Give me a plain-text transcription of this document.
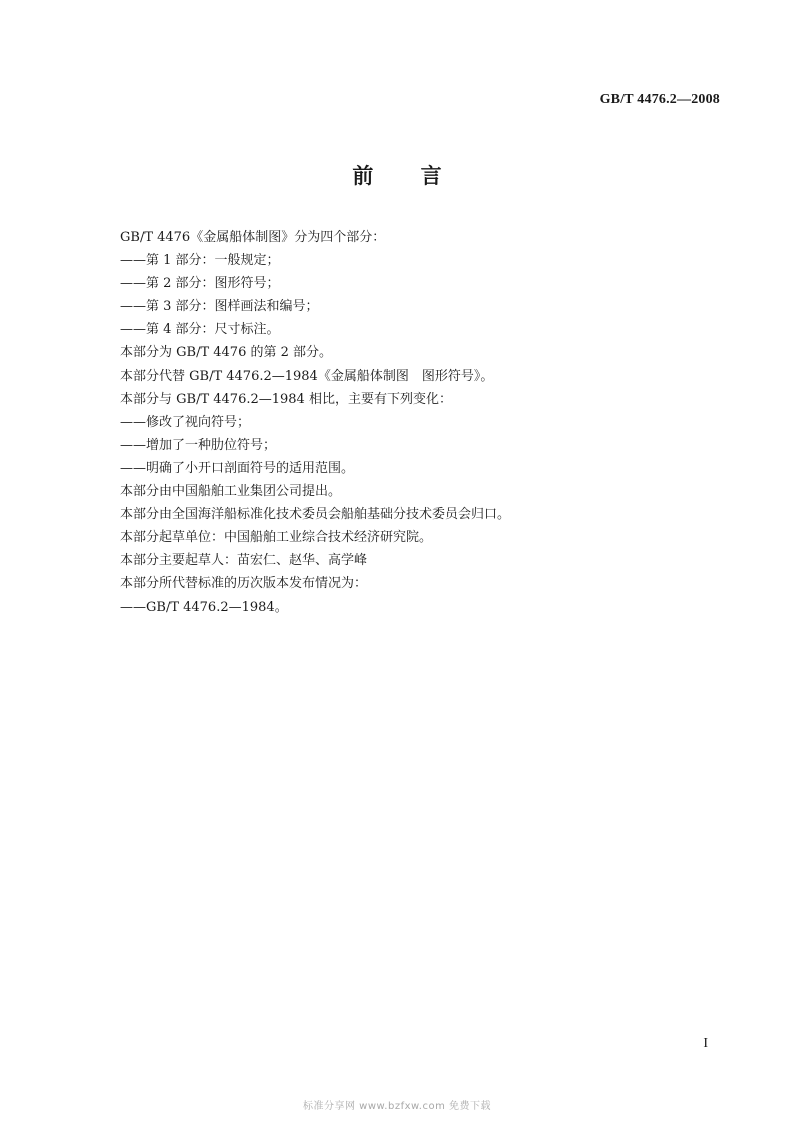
GB/T 4476.2—2008
前 言
GB/T 4476《金属船体制图》分为四个部分：
——第 1 部分：一般规定；
——第 2 部分：图形符号；
——第 3 部分：图样画法和编号；
——第 4 部分：尺寸标注。
本部分为 GB/T 4476 的第 2 部分。
本部分代替 GB/T 4476.2—1984《金属船体制图　图形符号》。
本部分与 GB/T 4476.2—1984 相比，主要有下列变化：
——修改了视向符号；
——增加了一种肋位符号；
——明确了小开口剖面符号的适用范围。
本部分由中国船舶工业集团公司提出。
本部分由全国海洋船标准化技术委员会船舶基础分技术委员会归口。
本部分起草单位：中国船舶工业综合技术经济研究院。
本部分主要起草人：苗宏仁、赵华、高学峰
本部分所代替标准的历次版本发布情况为：
——GB/T 4476.2—1984。
I
标准分享网 www.bzfxw.com 免费下载
